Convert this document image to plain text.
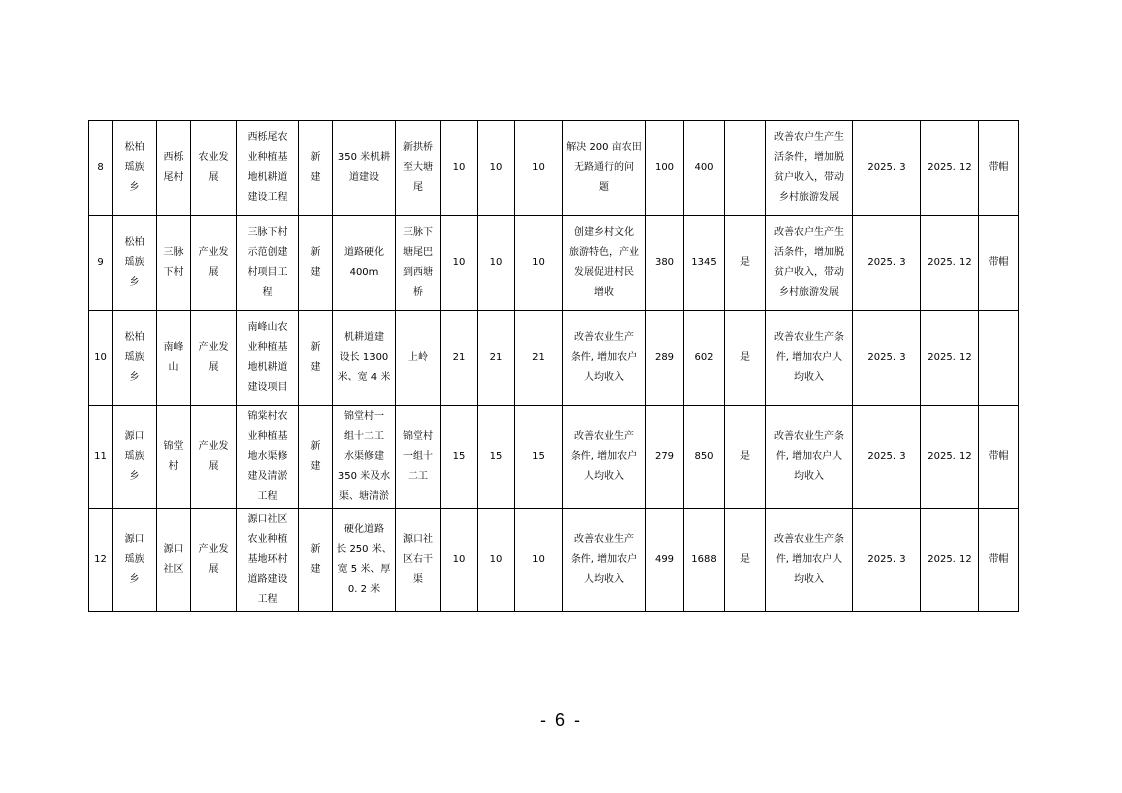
8	松柏
瑶族
乡	西栎
尾村	农业发
展	西栎尾农
业种植基
地机耕道
建设工程	新
建	350 米机耕
道建设	新拱桥
至大塘
尾	10	10	10	解决 200 亩农田
无路通行的问
题	100	400		改善农户生产生
活条件，增加脱
贫户收入，带动
乡村旅游发展	2025. 3	2025. 12	带帽
9	松柏
瑶族
乡	三脉
下村	产业发
展	三脉下村
示范创建
村项目工
程	新
建	道路硬化
400m	三脉下
塘尾巴
到西塘
桥	10	10	10	创建乡村文化
旅游特色，产业
发展促进村民
增收	380	1345	是	改善农户生产生
活条件，增加脱
贫户收入，带动
乡村旅游发展	2025. 3	2025. 12	带帽
10	松柏
瑶族
乡	南峰
山	产业发
展	南峰山农
业种植基
地机耕道
建设项目	新
建	机耕道建
设长 1300
米、宽 4 米	上岭	21	21	21	改善农业生产
条件, 增加农户
人均收入	289	602	是	改善农业生产条
件, 增加农户人
均收入	2025. 3	2025. 12	
11	源口
瑶族
乡	锦堂
村	产业发
展	锦棠村农
业种植基
地水渠修
建及清淤
工程	新
建	锦堂村一
组十二工
水渠修建
350 米及水
渠、塘清淤	锦堂村
一组十
二工	15	15	15	改善农业生产
条件, 增加农户
人均收入	279	850	是	改善农业生产条
件, 增加农户人
均收入	2025. 3	2025. 12	带帽
12	源口
瑶族
乡	源口
社区	产业发
展	源口社区
农业种植
基地环村
道路建设
工程	新
建	硬化道路
长 250 米、
宽 5 米、厚
0. 2 米	源口社
区右干
渠	10	10	10	改善农业生产
条件, 增加农户
人均收入	499	1688	是	改善农业生产条
件, 增加农户人
均收入	2025. 3	2025. 12	带帽
- 6 -
